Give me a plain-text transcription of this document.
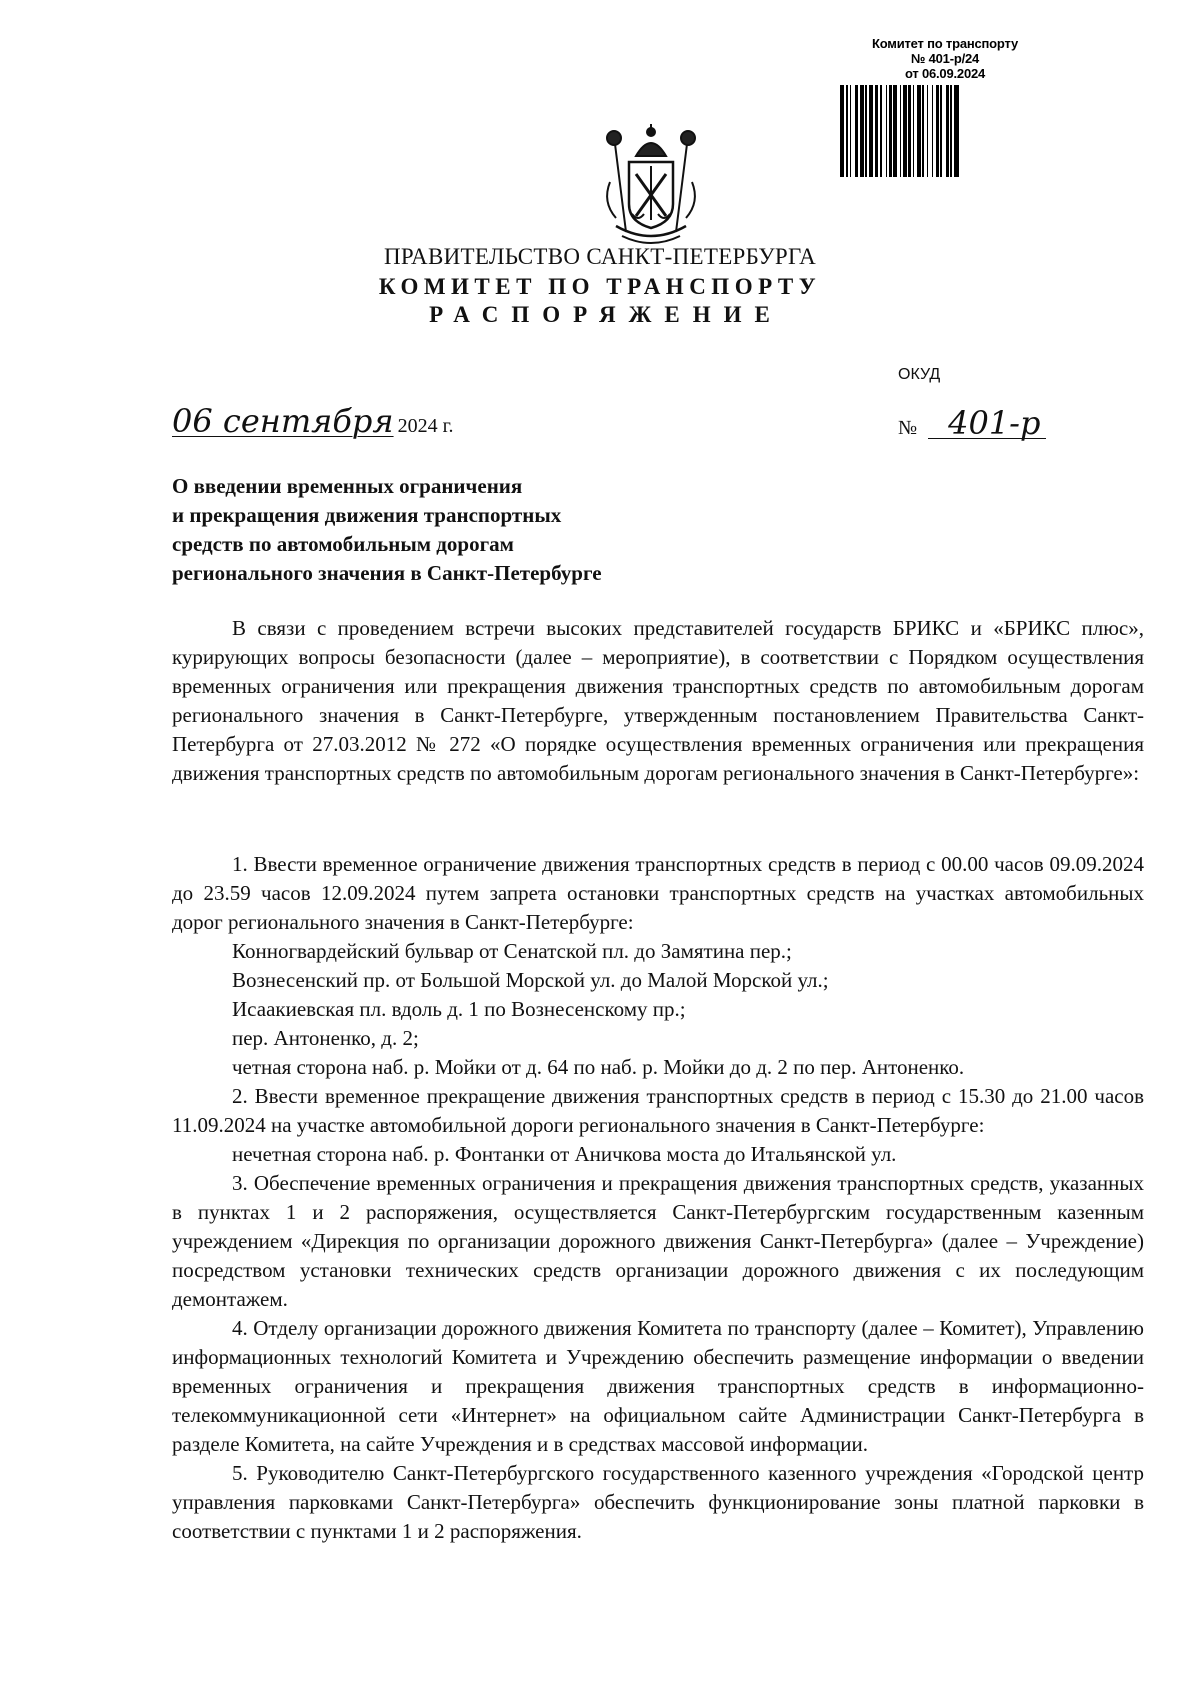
Комитет по транспорту
№ 401-р/24
от 06.09.2024
ПРАВИТЕЛЬСТВО САНКТ-ПЕТЕРБУРГА
КОМИТЕТ ПО ТРАНСПОРТУ
РАСПОРЯЖЕНИЕ
ОКУД
06 сентября 2024 г.	№ 401-р
О введении временных ограничения
и прекращения движения транспортных
средств по автомобильным дорогам
регионального значения в Санкт-Петербурге

В связи с проведением встречи высоких представителей государств БРИКС и «БРИКС плюс», курирующих вопросы безопасности (далее – мероприятие), в соответствии с Порядком осуществления временных ограничения или прекращения движения транспортных средств по автомобильным дорогам регионального значения в Санкт-Петербурге, утвержденным постановлением Правительства Санкт-Петербурга от 27.03.2012 № 272 «О порядке осуществления временных ограничения или прекращения движения транспортных средств по автомобильным дорогам регионального значения в Санкт-Петербурге»:

1. Ввести временное ограничение движения транспортных средств в период с 00.00 часов 09.09.2024 до 23.59 часов 12.09.2024 путем запрета остановки транспортных средств на участках автомобильных дорог регионального значения в Санкт-Петербурге:

Конногвардейский бульвар от Сенатской пл. до Замятина пер.;

Вознесенский пр. от Большой Морской ул. до Малой Морской ул.;

Исаакиевская пл. вдоль д. 1 по Вознесенскому пр.;

пер. Антоненко, д. 2;

четная сторона наб. р. Мойки от д. 64 по наб. р. Мойки до д. 2 по пер. Антоненко.

2. Ввести временное прекращение движения транспортных средств в период с 15.30 до 21.00 часов 11.09.2024 на участке автомобильной дороги регионального значения в Санкт-Петербурге:

нечетная сторона наб. р. Фонтанки от Аничкова моста до Итальянской ул.

3. Обеспечение временных ограничения и прекращения движения транспортных средств, указанных в пунктах 1 и 2 распоряжения, осуществляется Санкт-Петербургским государственным казенным учреждением «Дирекция по организации дорожного движения Санкт-Петербурга» (далее – Учреждение) посредством установки технических средств организации дорожного движения с их последующим демонтажем.

4. Отделу организации дорожного движения Комитета по транспорту (далее – Комитет), Управлению информационных технологий Комитета и Учреждению обеспечить размещение информации о введении временных ограничения и прекращения движения транспортных средств в информационно-телекоммуникационной сети «Интернет» на официальном сайте Администрации Санкт-Петербурга в разделе Комитета, на сайте Учреждения и в средствах массовой информации.

5. Руководителю Санкт-Петербургского государственного казенного учреждения «Городской центр управления парковками Санкт-Петербурга» обеспечить функционирование зоны платной парковки в соответствии с пунктами 1 и 2 распоряжения.
